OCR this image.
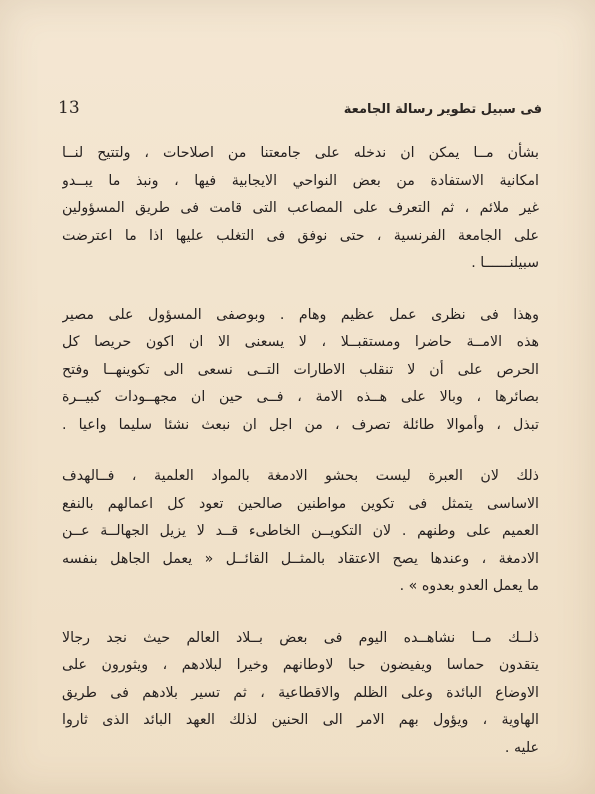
13	فى سبيل تطوير رسالة الجامعة

بشأن مــا يمكن ان ندخله على جامعتنا من اصلاحات ، ولتتيح لنــا
امكانية الاستفادة من بعض النواحي الايجابية فيها ، ونبذ ما يبــدو
غير ملائم ، ثم التعرف على المصاعب التى قامت فى طريق المسؤولين
على الجامعة الفرنسية ، حتى نوفق فى التغلب عليها اذا ما اعترضت
سبيلنــــــا .

وهذا فى نظرى عمل عظيم وهام . وبوصفى المسؤول على مصير
هذه الامــة حاضرا ومستقبــلا ، لا يسعنى الا ان اكون حريصا كل
الحرص على أن لا تنقلب الاطارات التــى نسعى الى تكوينهــا وفتح
بصائرها ، وبالا على هــذه الامة ، فــى حين ان مجهــودات كبيــرة
تبذل ، وأموالا طائلة تصرف ، من اجل ان نبعث نشئا سليما واعيا .

ذلك لان العبرة ليست بحشو الادمغة بالمواد العلمية ، فــالهدف
الاساسى يتمثل فى تكوين مواطنين صالحين تعود كل اعمالهم بالنفع
العميم على وطنهم . لان التكويــن الخاطىء قــد لا يزيل الجهالــة عــن
الادمغة ، وعندها يصح الاعتقاد بالمثــل القائــل « يعمل الجاهل بنفسه
ما يعمل العدو بعدوه » .

ذلــك مــا نشاهــده اليوم فى بعض بــلاد العالم حيث نجد رجالا
يتقدون حماسا ويفيضون حبا لاوطانهم وخيرا لبلادهم ، ويثورون على
الاوضاع البائدة وعلى الظلم والاقطاعية ، ثم تسير بلادهم فى طريق
الهاوية ، ويؤول بهم الامر الى الحنين لذلك العهد البائد الذى ثاروا
عليه .
